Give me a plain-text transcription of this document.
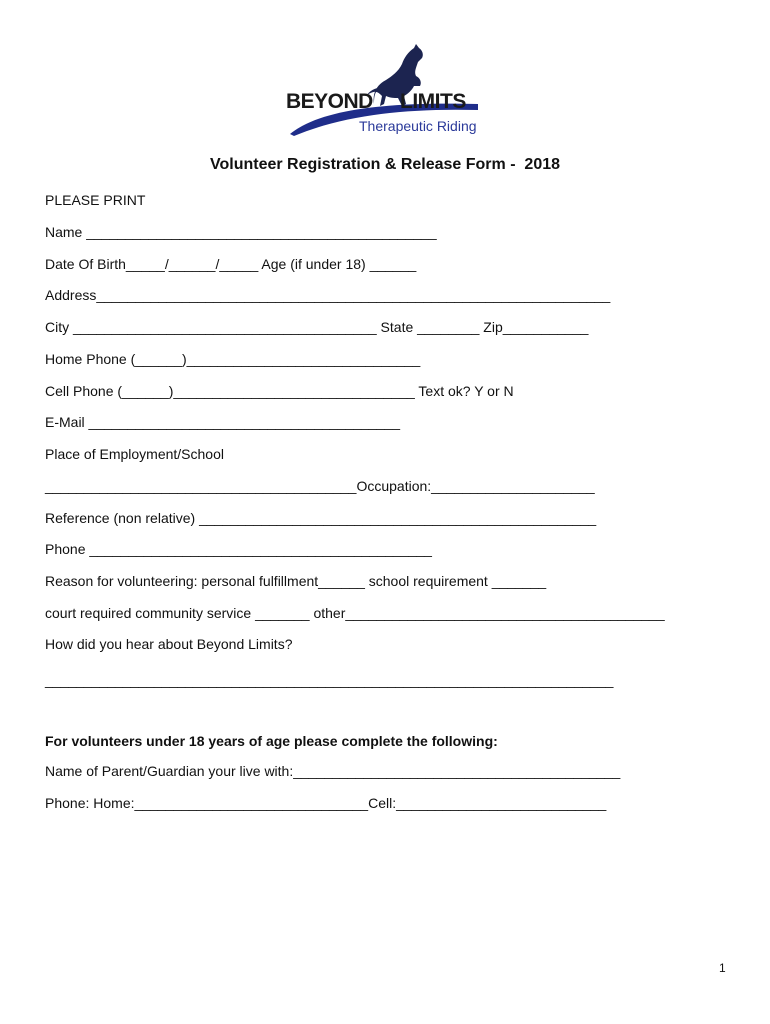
BEYOND LIMITS
Therapeutic Riding
Volunteer Registration & Release Form -  2018
PLEASE PRINT
Name _____________________________________________
Date Of Birth_____/______/_____ Age (if under 18) ______
Address__________________________________________________________________
City _______________________________________ State ________ Zip___________
Home Phone (______)______________________________
Cell Phone (______)_______________________________ Text ok? Y or N
E-Mail ________________________________________
Place of Employment/School
________________________________________Occupation:_____________________
Reference (non relative) ___________________________________________________
Phone ____________________________________________
Reason for volunteering: personal fulfillment______ school requirement _______
court required community service _______ other_________________________________________
How did you hear about Beyond Limits?
_________________________________________________________________________
For volunteers under 18 years of age please complete the following:
Name of Parent/Guardian your live with:__________________________________________
Phone: Home:______________________________Cell:___________________________
1
